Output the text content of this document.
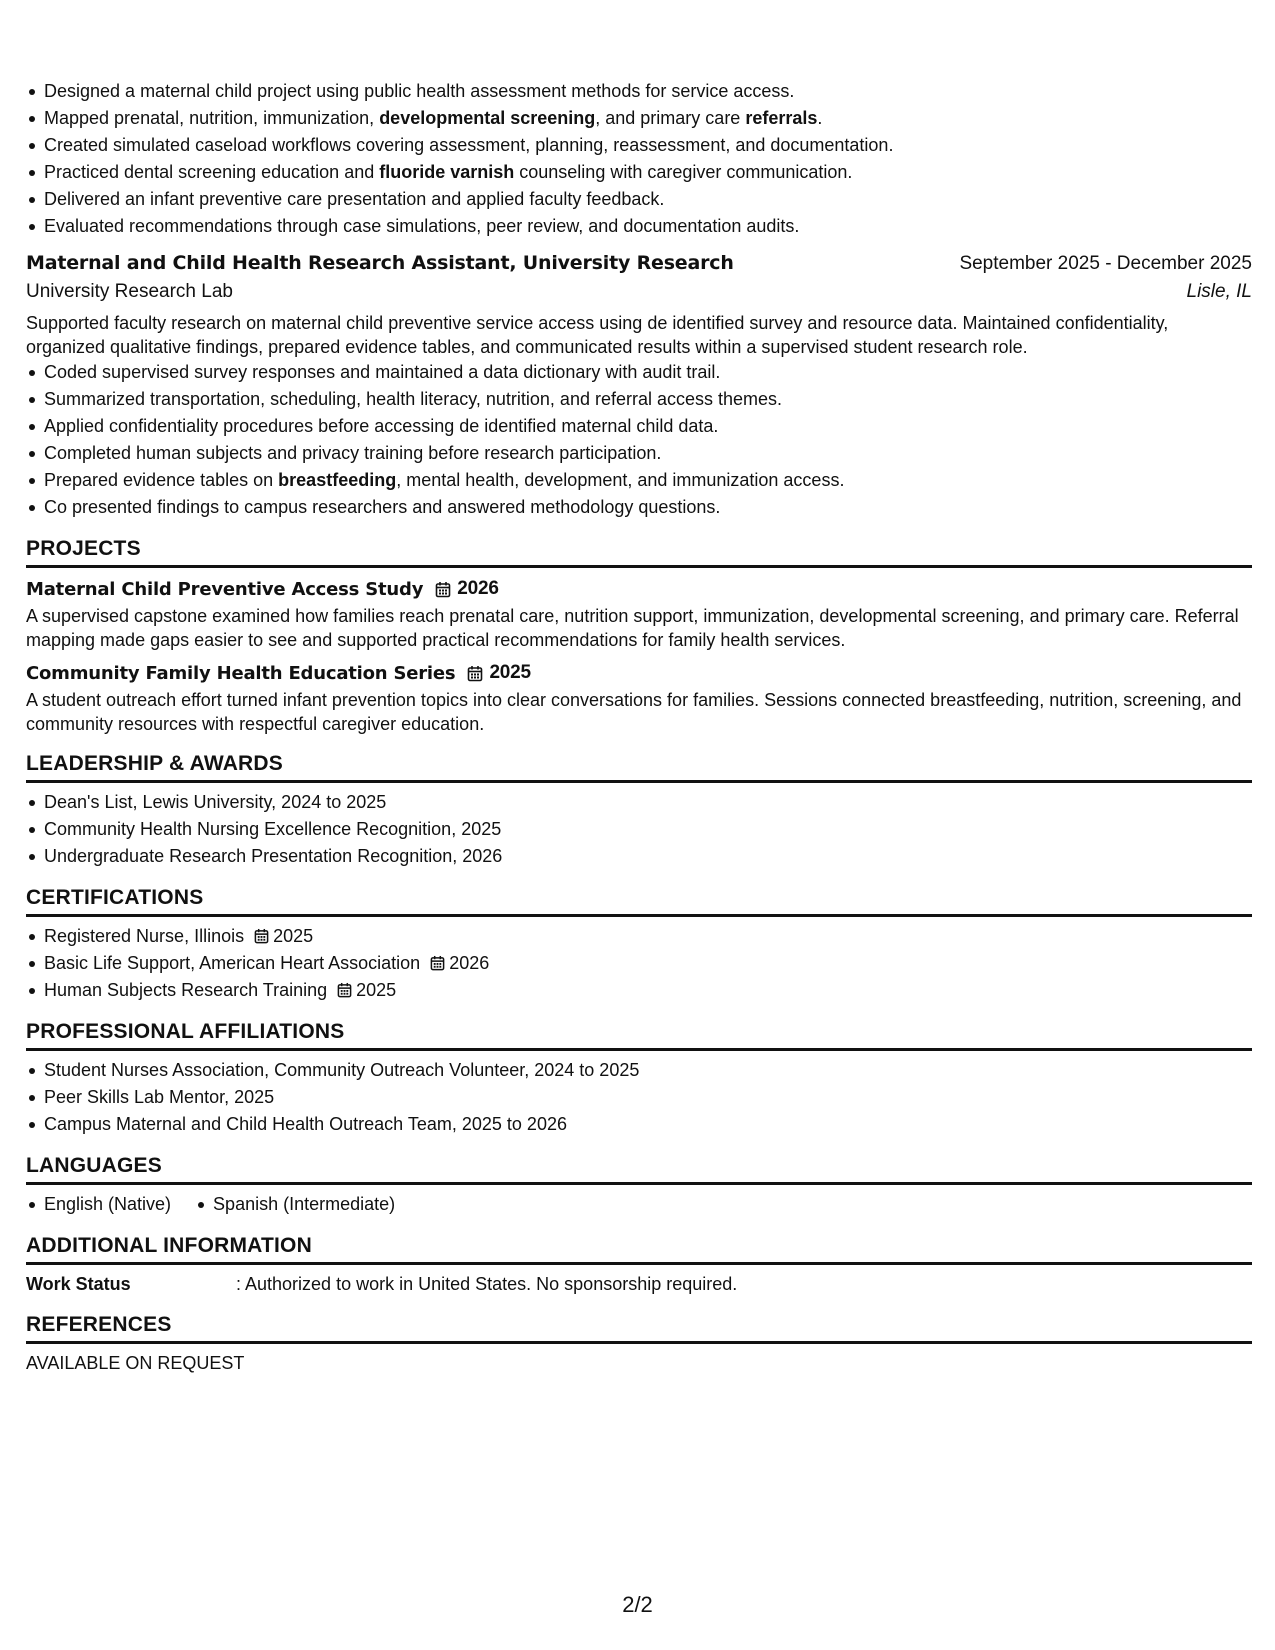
Designed a maternal child project using public health assessment methods for service access.
Mapped prenatal, nutrition, immunization, developmental screening, and primary care referrals.
Created simulated caseload workflows covering assessment, planning, reassessment, and documentation.
Practiced dental screening education and fluoride varnish counseling with caregiver communication.
Delivered an infant preventive care presentation and applied faculty feedback.
Evaluated recommendations through case simulations, peer review, and documentation audits.
Maternal and Child Health Research Assistant, University Research	September 2025 - December 2025
University Research Lab	Lisle, IL
Supported faculty research on maternal child preventive service access using de identified survey and resource data. Maintained confidentiality, organized qualitative findings, prepared evidence tables, and communicated results within a supervised student research role.
Coded supervised survey responses and maintained a data dictionary with audit trail.
Summarized transportation, scheduling, health literacy, nutrition, and referral access themes.
Applied confidentiality procedures before accessing de identified maternal child data.
Completed human subjects and privacy training before research participation.
Prepared evidence tables on breastfeeding, mental health, development, and immunization access.
Co presented findings to campus researchers and answered methodology questions.
PROJECTS
Maternal Child Preventive Access Study 2026
A supervised capstone examined how families reach prenatal care, nutrition support, immunization, developmental screening, and primary care. Referral mapping made gaps easier to see and supported practical recommendations for family health services.
Community Family Health Education Series 2025
A student outreach effort turned infant prevention topics into clear conversations for families. Sessions connected breastfeeding, nutrition, screening, and community resources with respectful caregiver education.
LEADERSHIP & AWARDS
Dean's List, Lewis University, 2024 to 2025
Community Health Nursing Excellence Recognition, 2025
Undergraduate Research Presentation Recognition, 2026
CERTIFICATIONS
Registered Nurse, Illinois 2025
Basic Life Support, American Heart Association 2026
Human Subjects Research Training 2025
PROFESSIONAL AFFILIATIONS
Student Nurses Association, Community Outreach Volunteer, 2024 to 2025
Peer Skills Lab Mentor, 2025
Campus Maternal and Child Health Outreach Team, 2025 to 2026
LANGUAGES
English (Native)	Spanish (Intermediate)
ADDITIONAL INFORMATION
Work Status	: Authorized to work in United States. No sponsorship required.
REFERENCES
AVAILABLE ON REQUEST
2/2
